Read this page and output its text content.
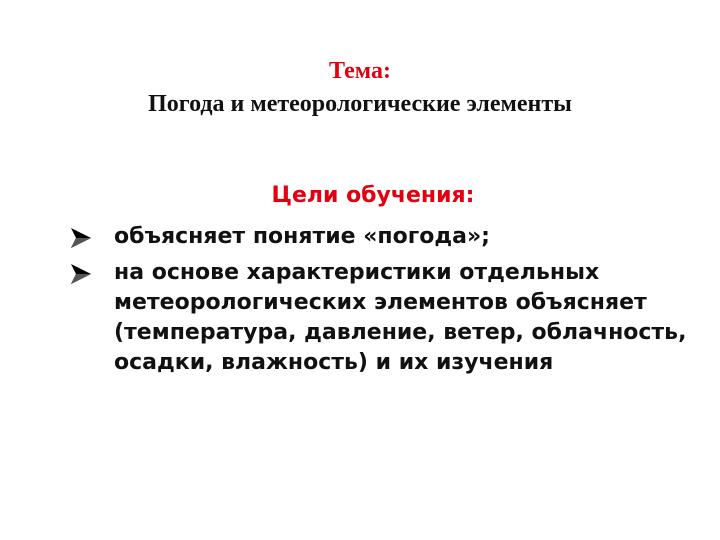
Тема:
Погода и метеорологические элементы
Цели обучения:
объясняет понятие «погода»;
на основе характеристики отдельных метеорологических элементов объясняет (температура, давление, ветер, облачность, осадки, влажность) и их изучения
